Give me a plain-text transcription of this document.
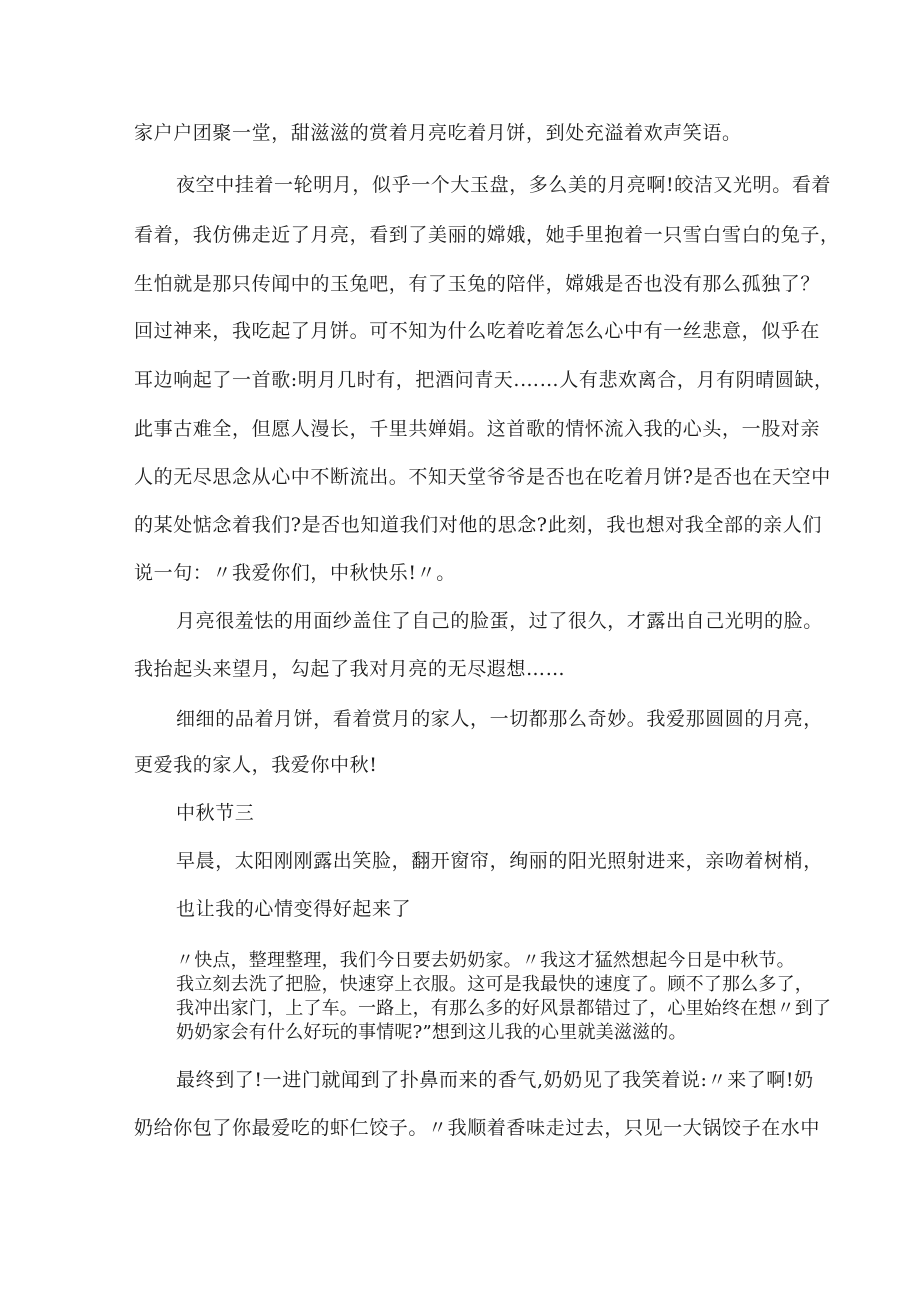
家户户团聚一堂，甜滋滋的赏着月亮吃着月饼，到处充溢着欢声笑语。

夜空中挂着一轮明月，似乎一个大玉盘，多么美的月亮啊!皎洁又光明。看着

看着，我仿佛走近了月亮，看到了美丽的嫦娥，她手里抱着一只雪白雪白的兔子，

生怕就是那只传闻中的玉兔吧，有了玉兔的陪伴，嫦娥是否也没有那么孤独了？

回过神来，我吃起了月饼。可不知为什么吃着吃着怎么心中有一丝悲意，似乎在

耳边响起了一首歌:明月几时有，把酒问青天.……人有悲欢离合，月有阴晴圆缺，

此事古难全，但愿人漫长，千里共婵娟。这首歌的情怀流入我的心头，一股对亲

人的无尽思念从心中不断流出。不知天堂爷爷是否也在吃着月饼?是否也在天空中

的某处惦念着我们?是否也知道我们对他的思念?此刻，我也想对我全部的亲人们

说一句：〃我爱你们，中秋快乐!〃。

月亮很羞怯的用面纱盖住了自己的脸蛋，过了很久，才露出自己光明的脸。

我抬起头来望月，勾起了我对月亮的无尽遐想……

细细的品着月饼，看着赏月的家人，一切都那么奇妙。我爱那圆圆的月亮，

更爱我的家人，我爱你中秋!

中秋节三

早晨，太阳刚刚露出笑脸，翻开窗帘，绚丽的阳光照射进来，亲吻着树梢，

也让我的心情变得好起来了

〃快点，整理整理，我们今日要去奶奶家。〃我这才猛然想起今日是中秋节。

我立刻去洗了把脸，快速穿上衣服。这可是我最快的速度了。顾不了那么多了，

我冲出家门，上了车。一路上，有那么多的好风景都错过了，心里始终在想〃到了

奶奶家会有什么好玩的事情呢?”想到这儿我的心里就美滋滋的。

最终到了!一进门就闻到了扑鼻而来的香气,奶奶见了我笑着说:〃来了啊!奶

奶给你包了你最爱吃的虾仁饺子。〃我顺着香味走过去，只见一大锅饺子在水中
